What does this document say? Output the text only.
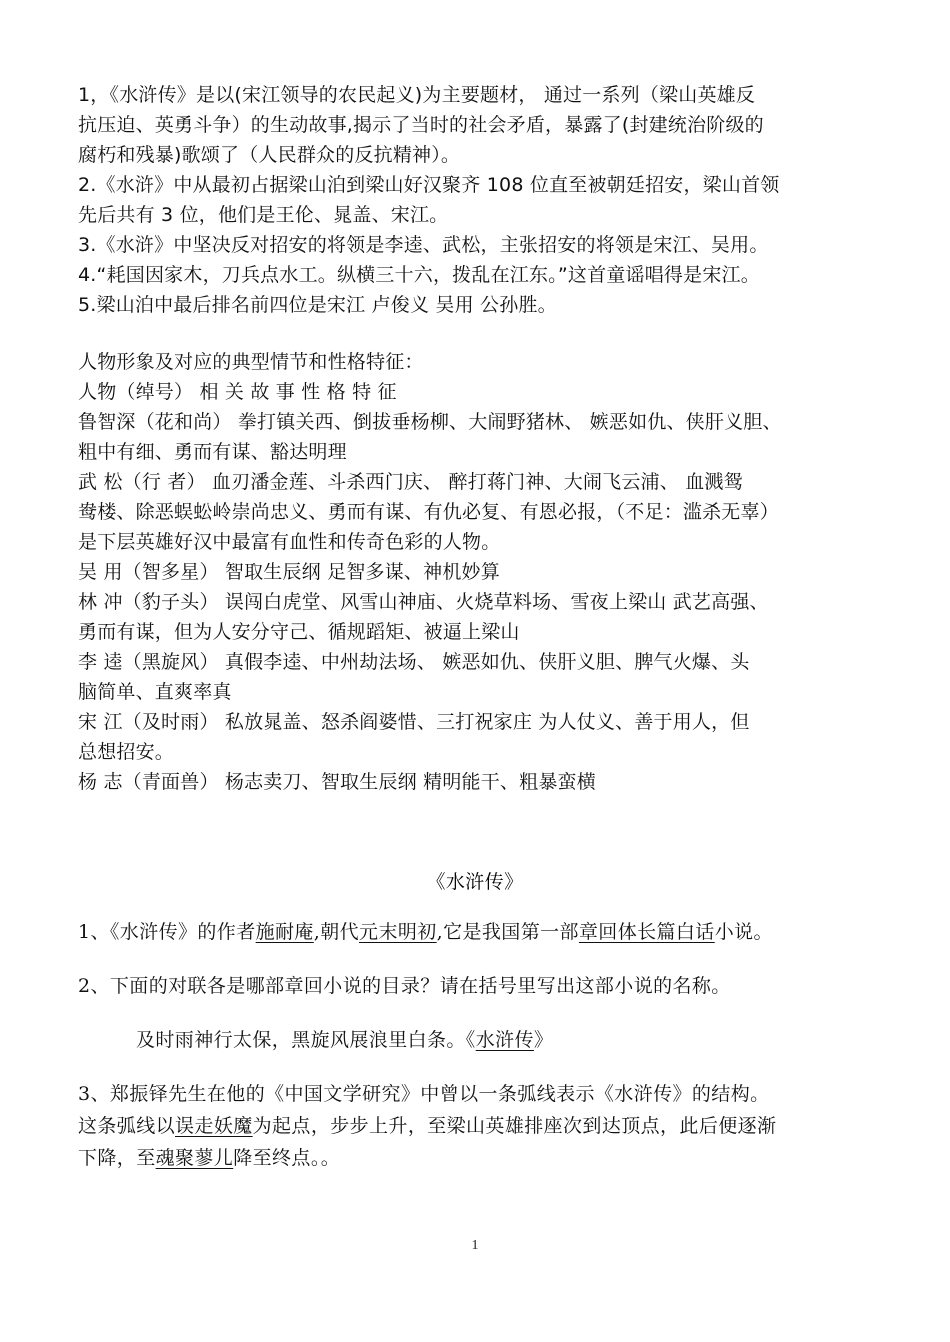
1，《水浒传》是以(宋江领导的农民起义)为主要题材， 通过一系列（梁山英雄反
抗压迫、英勇斗争）的生动故事,揭示了当时的社会矛盾，暴露了(封建统治阶级的
腐朽和残暴)歌颂了（人民群众的反抗精神）。
2.《水浒》中从最初占据梁山泊到梁山好汉聚齐 108 位直至被朝廷招安，梁山首领
先后共有 3 位，他们是王伦、晁盖、宋江。
3.《水浒》中坚决反对招安的将领是李逵、武松，主张招安的将领是宋江、吴用。
4.“耗国因家木，刀兵点水工。纵横三十六，拨乱在江东。”这首童谣唱得是宋江。
5.梁山泊中最后排名前四位是宋江 卢俊义 吴用 公孙胜。
人物形象及对应的典型情节和性格特征：
人物（绰号） 相 关 故 事 性 格 特 征
鲁智深（花和尚） 拳打镇关西、倒拔垂杨柳、大闹野猪林、 嫉恶如仇、侠肝义胆、
粗中有细、勇而有谋、豁达明理
武 松（行 者） 血刃潘金莲、斗杀西门庆、 醉打蒋门神、大闹飞云浦、 血溅鸳
鸯楼、除恶蜈蚣岭崇尚忠义、勇而有谋、有仇必复、有恩必报，（不足：滥杀无辜）
是下层英雄好汉中最富有血性和传奇色彩的人物。
吴 用（智多星） 智取生辰纲 足智多谋、神机妙算
林 冲（豹子头） 误闯白虎堂、风雪山神庙、火烧草料场、雪夜上梁山 武艺高强、
勇而有谋，但为人安分守己、循规蹈矩、被逼上梁山
李 逵（黑旋风） 真假李逵、中州劫法场、 嫉恶如仇、侠肝义胆、脾气火爆、头
脑简单、直爽率真
宋 江（及时雨） 私放晁盖、怒杀阎婆惜、三打祝家庄 为人仗义、善于用人，但
总想招安。
杨 志（青面兽） 杨志卖刀、智取生辰纲 精明能干、粗暴蛮横
《水浒传》
1、《水浒传》的作者施耐庵,朝代元末明初,它是我国第一部章回体长篇白话小说。
2、下面的对联各是哪部章回小说的目录？请在括号里写出这部小说的名称。
及时雨神行太保，黑旋风展浪里白条。《水浒传》
3、郑振铎先生在他的《中国文学研究》中曾以一条弧线表示《水浒传》的结构。
这条弧线以误走妖魔为起点，步步上升，至梁山英雄排座次到达顶点，此后便逐渐
下降，至魂聚蓼儿降至终点。。
1
